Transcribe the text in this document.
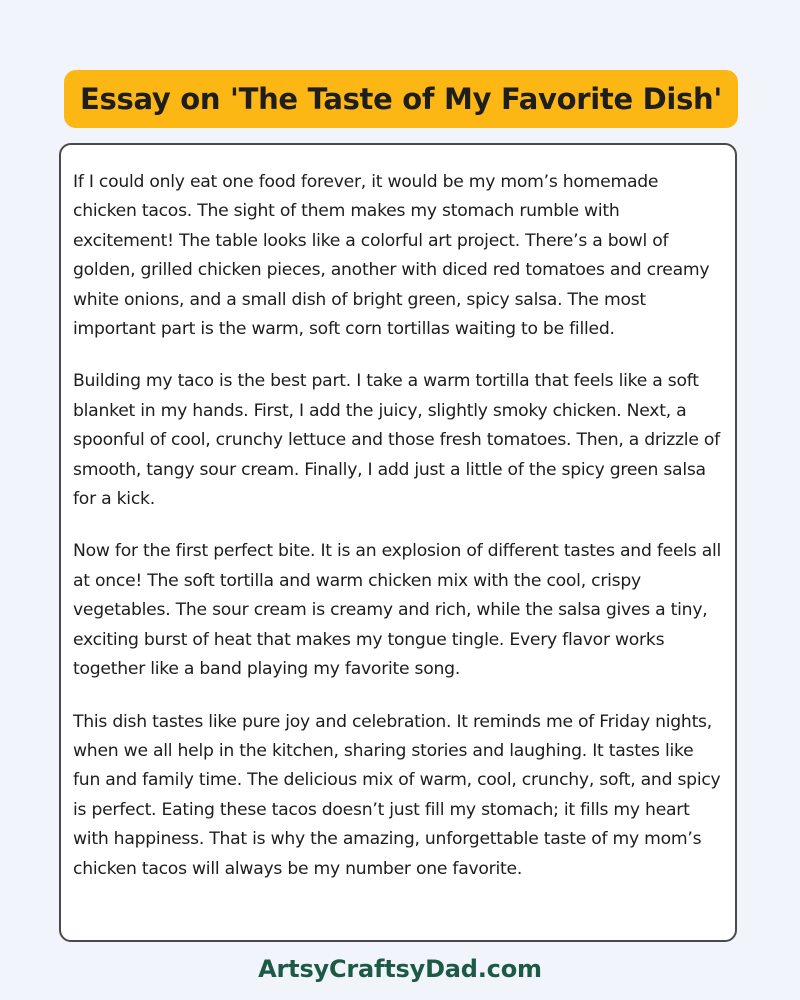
Essay on 'The Taste of My Favorite Dish'

If I could only eat one food forever, it would be my mom’s homemade chicken tacos. The sight of them makes my stomach rumble with excitement! The table looks like a colorful art project. There’s a bowl of golden, grilled chicken pieces, another with diced red tomatoes and creamy white onions, and a small dish of bright green, spicy salsa. The most important part is the warm, soft corn tortillas waiting to be filled.

Building my taco is the best part. I take a warm tortilla that feels like a soft blanket in my hands. First, I add the juicy, slightly smoky chicken. Next, a spoonful of cool, crunchy lettuce and those fresh tomatoes. Then, a drizzle of smooth, tangy sour cream. Finally, I add just a little of the spicy green salsa for a kick.

Now for the first perfect bite. It is an explosion of different tastes and feels all at once! The soft tortilla and warm chicken mix with the cool, crispy vegetables. The sour cream is creamy and rich, while the salsa gives a tiny, exciting burst of heat that makes my tongue tingle. Every flavor works together like a band playing my favorite song.

This dish tastes like pure joy and celebration. It reminds me of Friday nights, when we all help in the kitchen, sharing stories and laughing. It tastes like fun and family time. The delicious mix of warm, cool, crunchy, soft, and spicy is perfect. Eating these tacos doesn’t just fill my stomach; it fills my heart with happiness. That is why the amazing, unforgettable taste of my mom’s chicken tacos will always be my number one favorite.

ArtsyCraftsyDad.com
